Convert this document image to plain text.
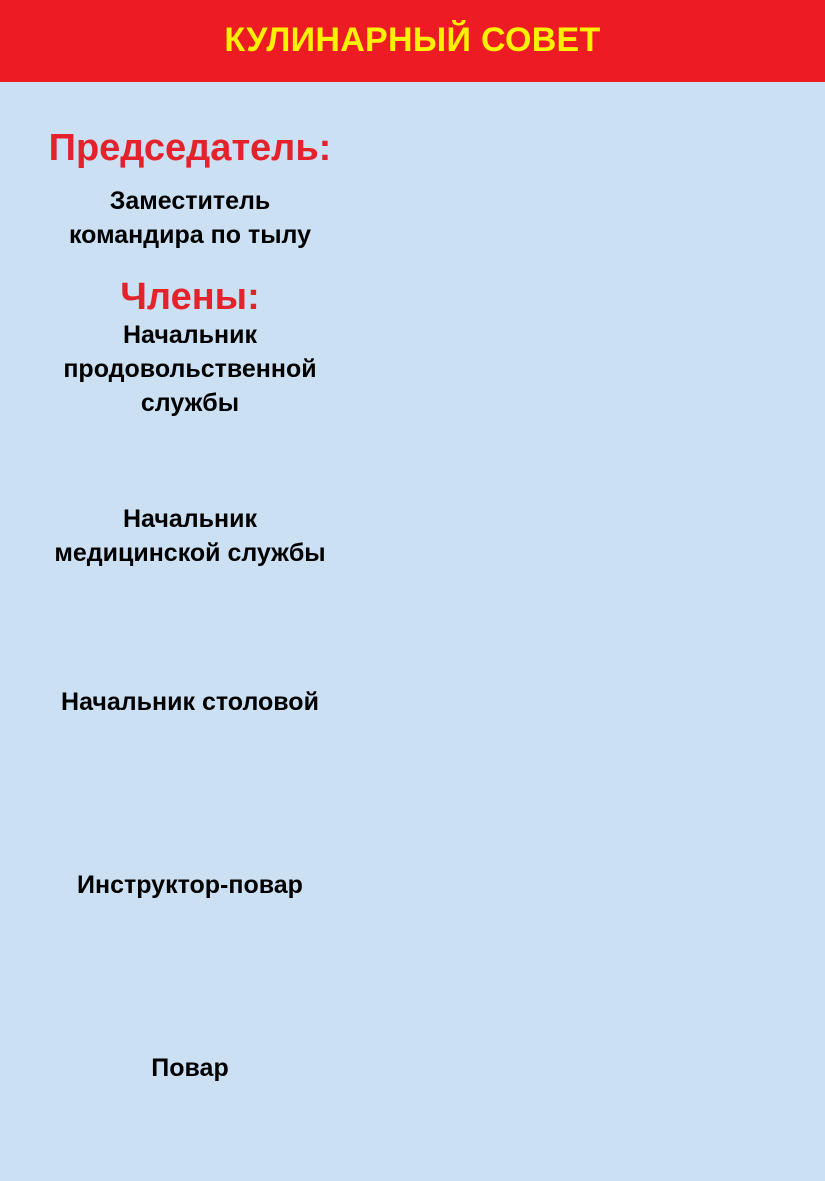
КУЛИНАРНЫЙ СОВЕТ
Председатель:
Заместитель
командира по тылу
Члены:
Начальник
продовольственной
службы
Начальник
медицинской службы
Начальник столовой
Инструктор-повар
Повар
